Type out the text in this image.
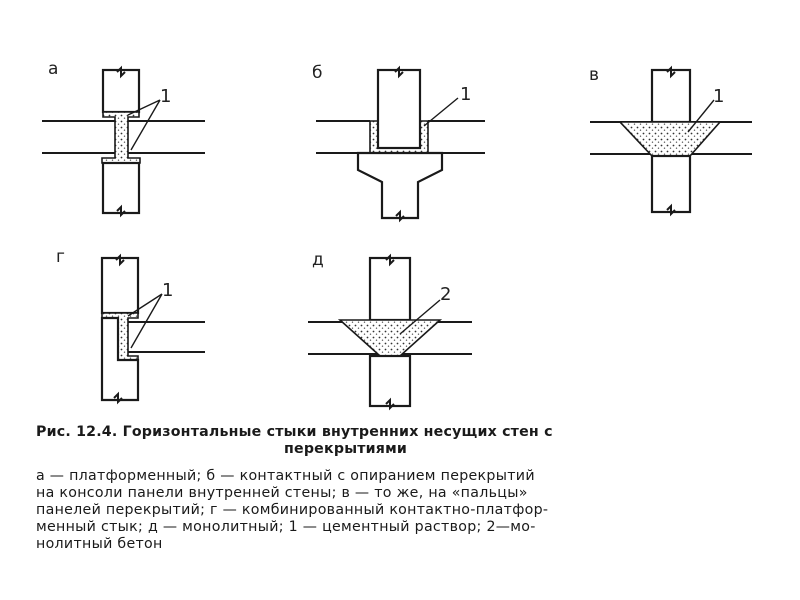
а
1
б
1
в
1
г
1
д
2

Рис. 12.4. Горизонтальные стыки внутренних несущих стен с
перекрытиями

а — платформенный; б — контактный с опиранием перекрытий
на консоли панели внутренней стены; в — то же, на «пальцы»
панелей перекрытий; г — комбинированный контактно-платфор-
менный стык; д — монолитный; 1 — цементный раствор; 2—мо-
нолитный бетон
